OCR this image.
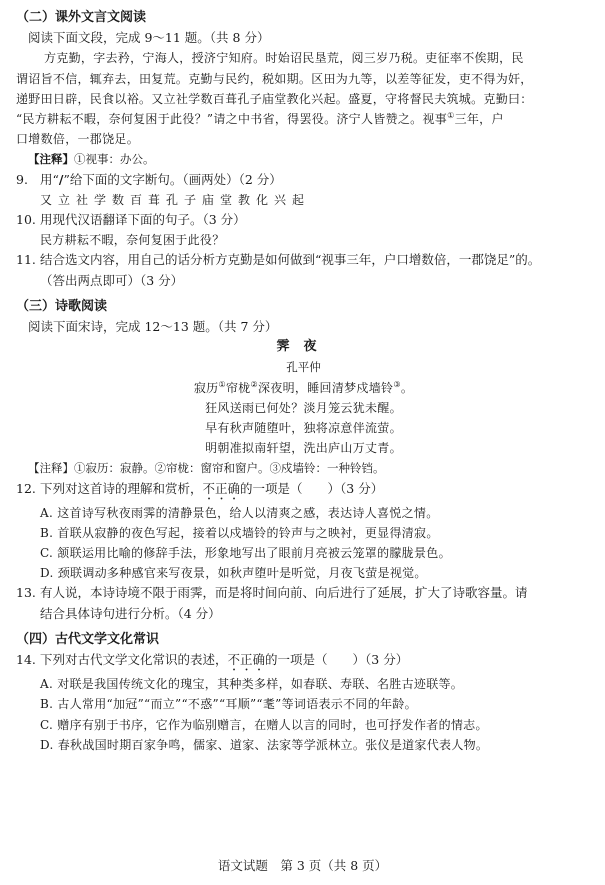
（二）课外文言文阅读
阅读下面文段，完成 9～11 题。（共 8 分）
方克勤，字去矜，宁海人，授济宁知府。时始诏民垦荒，阅三岁乃税。吏征率不俟期，民
谓诏旨不信，辄弃去，田复荒。克勤与民约，税如期。区田为九等，以差等征发，吏不得为奸，
递野田日辟，民食以裕。又立社学数百葺孔子庙堂教化兴起。盛夏，守将督民夫筑城。克勤曰：
“民方耕耘不暇，奈何复困于此役？”请之中书省，得罢役。济宁人皆赞之。视事①三年，户
口增数倍，一郡饶足。
【注释】①视事：办公。
9. 用“/”给下面的文字断句。（画两处）（2 分）
又立社学数百葺孔子庙堂教化兴起
10. 用现代汉语翻译下面的句子。（3 分）
民方耕耘不暇，奈何复困于此役？
11. 结合选文内容，用自己的话分析方克勤是如何做到“视事三年，户口增数倍，一郡饶足”的。
（答出两点即可）（3 分）
（三）诗歌阅读
阅读下面宋诗，完成 12～13 题。（共 7 分）
霁夜
孔平仲
寂历①帘栊②深夜明，睡回清梦戍墙铃③。
狂风送雨已何处？淡月笼云犹未醒。
早有秋声随堕叶，独将凉意伴流萤。
明朝准拟南轩望，洗出庐山万丈青。
【注释】①寂历：寂静。②帘栊：窗帘和窗户。③戍墙铃：一种铃铛。
12. 下列对这首诗的理解和赏析，不正确的一项是（　　）（3 分）
A. 这首诗写秋夜雨霁的清静景色，给人以清爽之感，表达诗人喜悦之情。
B. 首联从寂静的夜色写起，接着以戍墙铃的铃声与之映衬，更显得清寂。
C. 颔联运用比喻的修辞手法，形象地写出了眼前月亮被云笼罩的朦胧景色。
D. 颈联调动多种感官来写夜景，如秋声堕叶是听觉，月夜飞萤是视觉。
13. 有人说，本诗诗境不限于雨霁，而是将时间向前、向后进行了延展，扩大了诗歌容量。请
结合具体诗句进行分析。（4 分）
（四）古代文学文化常识
14. 下列对古代文学文化常识的表述，不正确的一项是（　　）（3 分）
A. 对联是我国传统文化的瑰宝，其种类多样，如春联、寿联、名胜古迹联等。
B. 古人常用“加冠”“而立”“不惑”“耳顺”“耄”等词语表示不同的年龄。
C. 赠序有别于书序，它作为临别赠言，在赠人以言的同时，也可抒发作者的情志。
D. 春秋战国时期百家争鸣，儒家、道家、法家等学派林立。张仪是道家代表人物。
语文试题　第 3 页（共 8 页）
